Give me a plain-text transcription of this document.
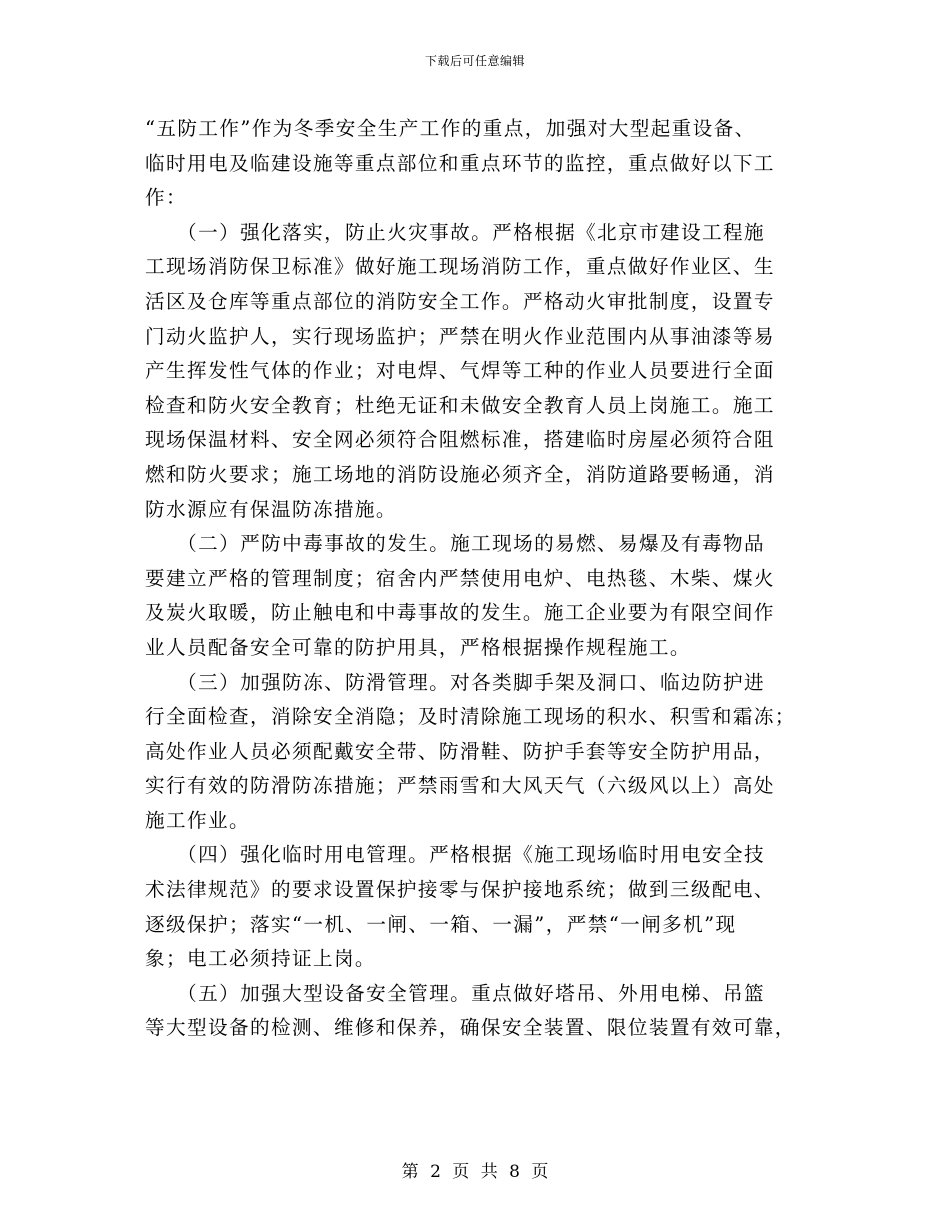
下载后可任意编辑
“五防工作”作为冬季安全生产工作的重点，加强对大型起重设备、
临时用电及临建设施等重点部位和重点环节的监控，重点做好以下工
作：
　　（一）强化落实，防止火灾事故。严格根据《北京市建设工程施
工现场消防保卫标准》做好施工现场消防工作，重点做好作业区、生
活区及仓库等重点部位的消防安全工作。严格动火审批制度，设置专
门动火监护人，实行现场监护；严禁在明火作业范围内从事油漆等易
产生挥发性气体的作业；对电焊、气焊等工种的作业人员要进行全面
检查和防火安全教育；杜绝无证和未做安全教育人员上岗施工。施工
现场保温材料、安全网必须符合阻燃标准，搭建临时房屋必须符合阻
燃和防火要求；施工场地的消防设施必须齐全，消防道路要畅通，消
防水源应有保温防冻措施。
　　（二）严防中毒事故的发生。施工现场的易燃、易爆及有毒物品
要建立严格的管理制度；宿舍内严禁使用电炉、电热毯、木柴、煤火
及炭火取暖，防止触电和中毒事故的发生。施工企业要为有限空间作
业人员配备安全可靠的防护用具，严格根据操作规程施工。
　　（三）加强防冻、防滑管理。对各类脚手架及洞口、临边防护进
行全面检查，消除安全消隐；及时清除施工现场的积水、积雪和霜冻；
高处作业人员必须配戴安全带、防滑鞋、防护手套等安全防护用品，
实行有效的防滑防冻措施；严禁雨雪和大风天气（六级风以上）高处
施工作业。
　　（四）强化临时用电管理。严格根据《施工现场临时用电安全技
术法律规范》的要求设置保护接零与保护接地系统；做到三级配电、
逐级保护；落实“一机、一闸、一箱、一漏”，严禁“一闸多机”现
象；电工必须持证上岗。
　　（五）加强大型设备安全管理。重点做好塔吊、外用电梯、吊篮
等大型设备的检测、维修和保养，确保安全装置、限位装置有效可靠，
第 2 页 共 8 页
